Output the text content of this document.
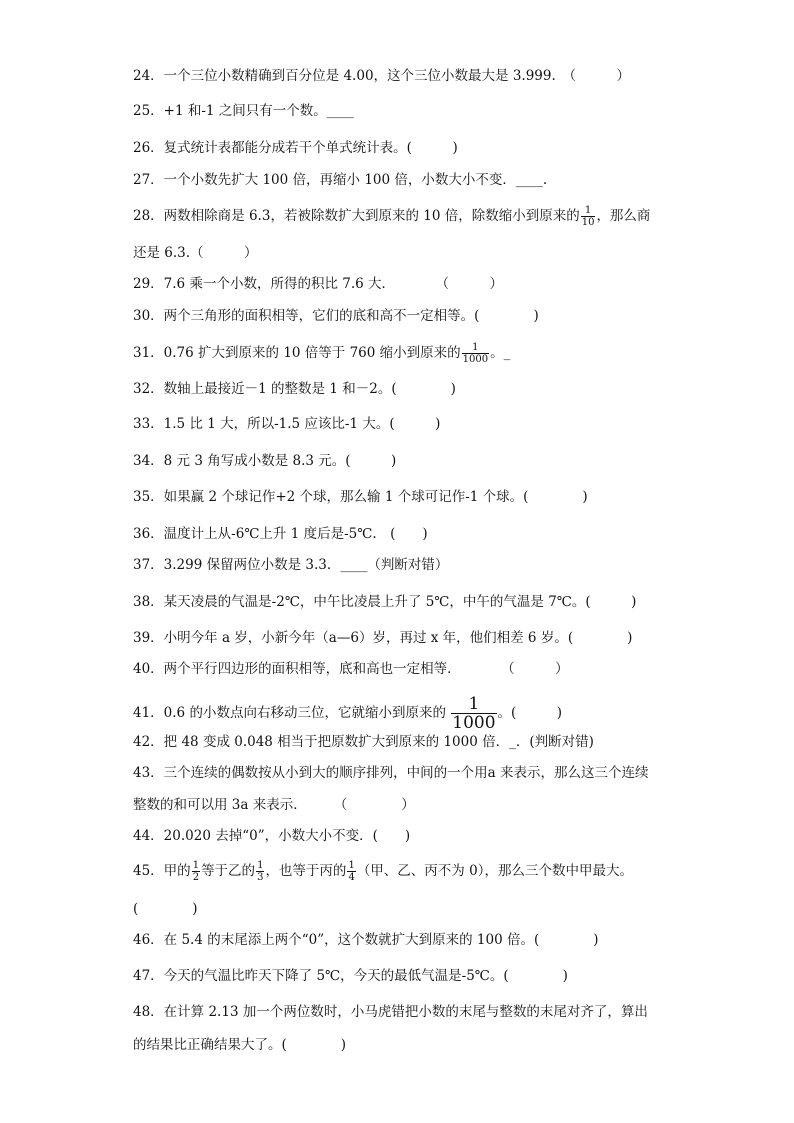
24．一个三位小数精确到百分位是 4.00，这个三位小数最大是 3.999.　（　　　）
25．+1 和-1 之间只有一个数。____
26．复式统计表都能分成若干个单式统计表。(　　　)
27．一个小数先扩大 100 倍，再缩小 100 倍，小数大小不变．____.
28．两数相除商是 6.3，若被除数扩大到原来的 10 倍，除数缩小到原来的 $\frac{1}{10}$ ，那么商
还是 6.3.（　　　）
29．7.6 乘一个小数，所得的积比 7.6 大．　　　　（　　　）
30．两个三角形的面积相等，它们的底和高不一定相等。(　　　　)
31．0.76 扩大到原来的 10 倍等于 760 缩小到原来的 $\frac{1}{1000}$ 。_
32．数轴上最接近－1 的整数是 1 和－2。(　　　　)
33．1.5 比 1 大，所以-1.5 应该比-1 大。(　　　)
34．8 元 3 角写成小数是 8.3 元。(　　　)
35．如果赢 2 个球记作+2 个球，那么输 1 个球可记作-1 个球。(　　　　)
36．温度计上从-6℃上升 1 度后是-5℃.　(　　)
37．3.299 保留两位小数是 3.3．____（判断对错）
38．某天凌晨的气温是-2℃，中午比凌晨上升了 5℃，中午的气温是 7℃。(　　　)
39．小明今年 a 岁，小新今年（a—6）岁，再过 x 年，他们相差 6 岁。(　　　　)
40．两个平行四边形的面积相等，底和高也一定相等．　　　　（　　　）
41．0.6 的小数点向右移动三位，它就缩小到原来的 $\frac{1}{1000}$ 。(　　　)
42．把 48 变成 0.048 相当于把原数扩大到原来的 1000 倍．_．(判断对错)
43．三个连续的偶数按从小到大的顺序排列，中间的一个用a 来表示，那么这三个连续
整数的和可以用 3a 来表示．　　　（　　　　）
44．20.020 去掉“0”，小数大小不变．(　　)
45．甲的 $\frac{1}{2}$ 等于乙的 $\frac{1}{3}$ ，也等于丙的 $\frac{1}{4}$ （甲、乙、丙不为 0），那么三个数中甲最大。
(　　　　)
46．在 5.4 的末尾添上两个“0”，这个数就扩大到原来的 100 倍。(　　　　)
47．今天的气温比昨天下降了 5℃，今天的最低气温是-5℃。(　　　　)
48．在计算 2.13 加一个两位数时，小马虎错把小数的末尾与整数的末尾对齐了，算出
的结果比正确结果大了。(　　　　)
